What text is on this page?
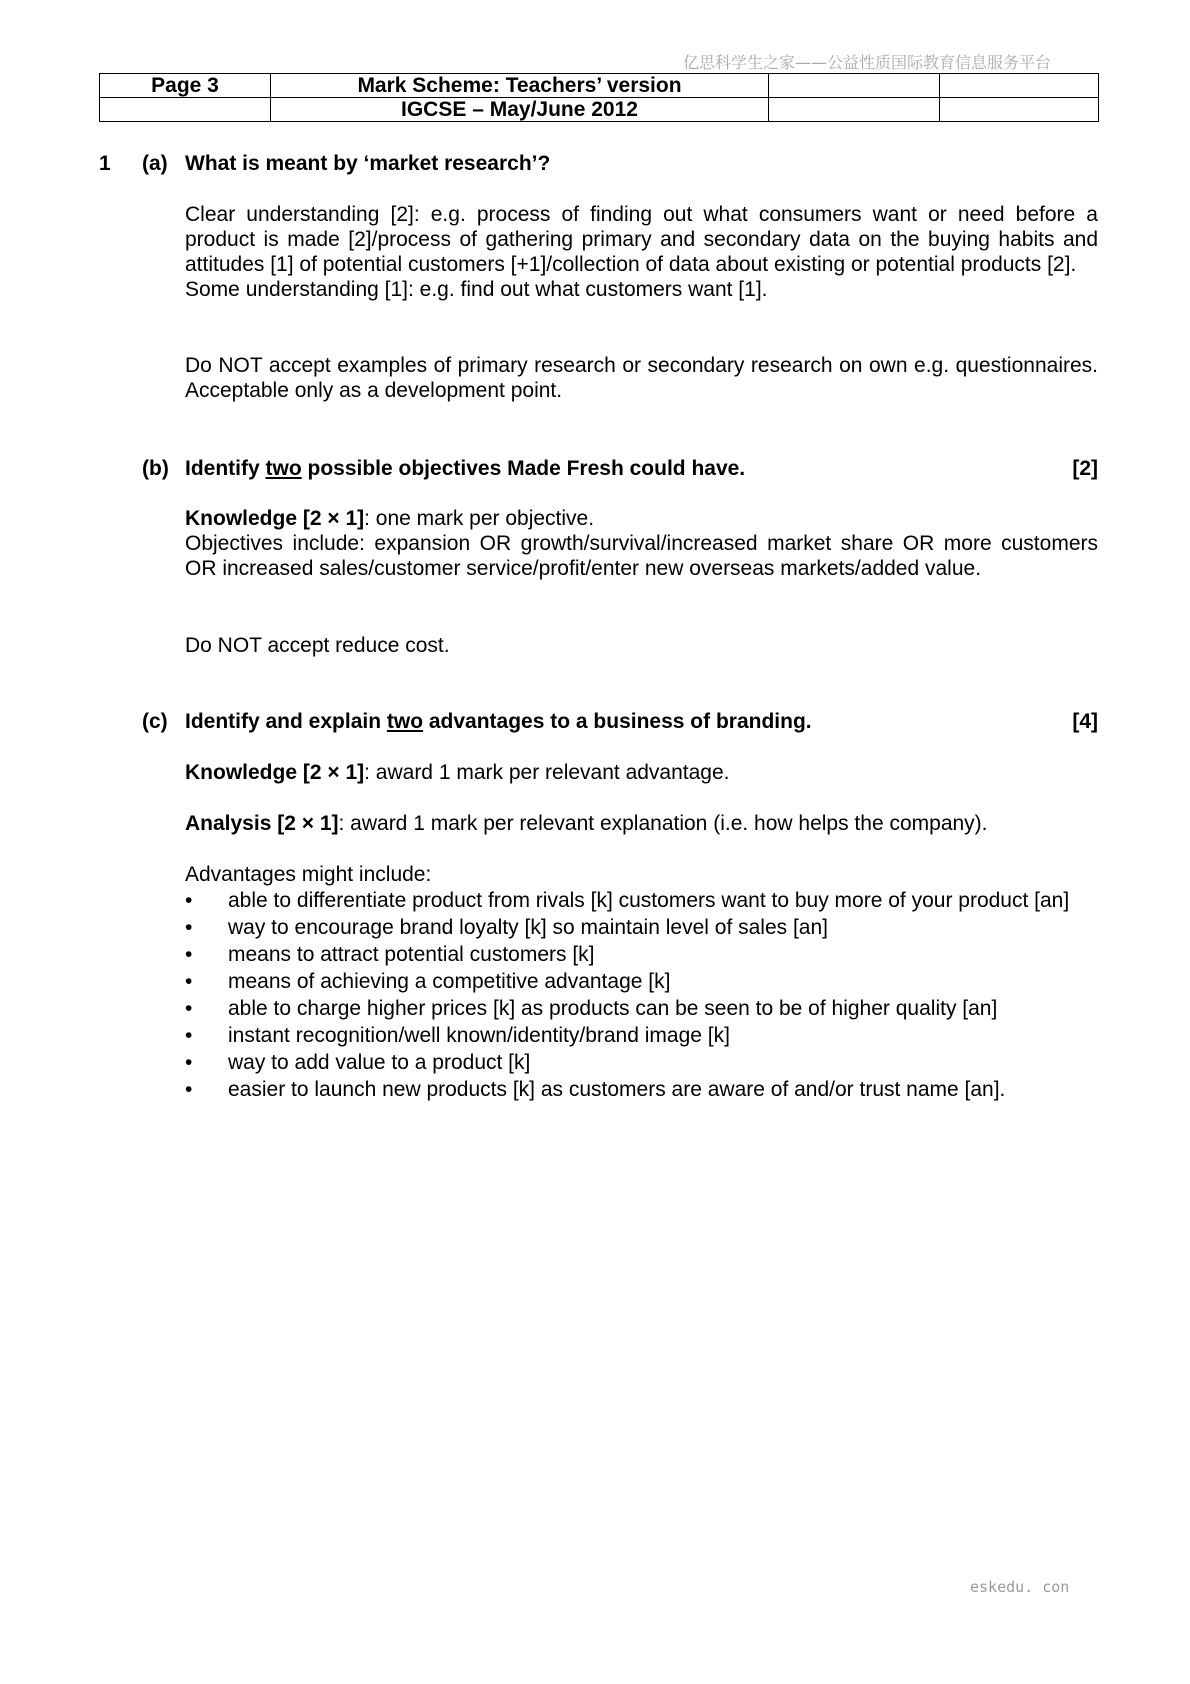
亿思科学生之家——公益性质国际教育信息服务平台
Page 3	Mark Scheme: Teachers’ version		
	IGCSE – May/June 2012		
1 (a) What is meant by ‘market research’?

Clear understanding [2]: e.g. process of finding out what consumers want or need before a product is made [2]/process of gathering primary and secondary data on the buying habits and attitudes [1] of potential customers [+1]/collection of data about existing or potential products [2].

Some understanding [1]: e.g. find out what customers want [1].

Do NOT accept examples of primary research or secondary research on own e.g. questionnaires. Acceptable only as a development point.

(b) Identify two possible objectives Made Fresh could have.	[2]

Knowledge [2 × 1]: one mark per objective.

Objectives include: expansion OR growth/survival/increased market share OR more customers OR increased sales/customer service/profit/enter new overseas markets/added value.

Do NOT accept reduce cost.

(c) Identify and explain two advantages to a business of branding.	[4]

Knowledge [2 × 1]: award 1 mark per relevant advantage.

Analysis [2 × 1]: award 1 mark per relevant explanation (i.e. how helps the company).

Advantages might include:
• able to differentiate product from rivals [k] customers want to buy more of your product [an]
• way to encourage brand loyalty [k] so maintain level of sales [an]
• means to attract potential customers [k]
• means of achieving a competitive advantage [k]
• able to charge higher prices [k] as products can be seen to be of higher quality [an]
• instant recognition/well known/identity/brand image [k]
• way to add value to a product [k]
• easier to launch new products [k] as customers are aware of and/or trust name [an].
eskedu. con
